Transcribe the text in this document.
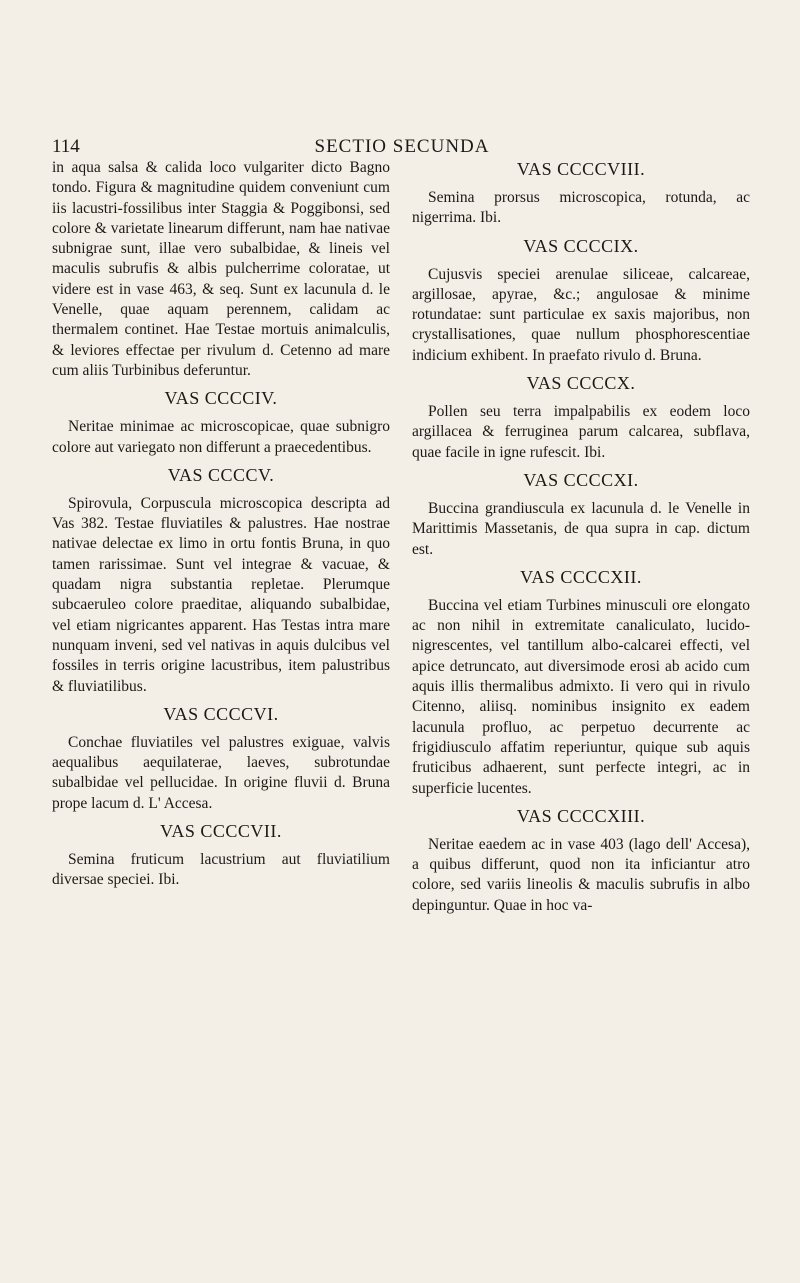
114	SECTIO SECUNDA

in aqua salsa & calida loco vulgariter dicto Bagno tondo. Figura & magnitudine quidem conveniunt cum iis lacustri-fossilibus inter Staggia & Poggibonsi, sed colore & varietate linearum differunt, nam hae nativae subnigrae sunt, illae vero subalbidae, & lineis vel maculis subrufis & albis pulcherrime coloratae, ut videre est in vase 463, & seq. Sunt ex lacunula d. le Venelle, quae aquam perennem, calidam ac thermalem continet. Hae Testae mortuis animalculis, & leviores effectae per rivulum d. Cetenno ad mare cum aliis Turbinibus deferuntur.

VAS CCCCIV.

Neritae minimae ac microscopicae, quae subnigro colore aut variegato non differunt a praecedentibus.

VAS CCCCV.

Spirovula, Corpuscula microscopica descripta ad Vas 382. Testae fluviatiles & palustres. Hae nostrae nativae delectae ex limo in ortu fontis Bruna, in quo tamen rarissimae. Sunt vel integrae & vacuae, & quadam nigra substantia repletae. Plerumque subcaeruleo colore praeditae, aliquando subalbidae, vel etiam nigricantes apparent. Has Testas intra mare nunquam inveni, sed vel nativas in aquis dulcibus vel fossiles in terris origine lacustribus, item palustribus & fluviatilibus.

VAS CCCCVI.

Conchae fluviatiles vel palustres exiguae, valvis aequalibus aequilaterae, laeves, subrotundae subalbidae vel pellucidae. In origine fluvii d. Bruna prope lacum d. L' Accesa.

VAS CCCCVII.

Semina fruticum lacustrium aut fluviatilium diversae speciei. Ibi.

VAS CCCCVIII.

Semina prorsus microscopica, rotunda, ac nigerrima. Ibi.

VAS CCCCIX.

Cujusvis speciei arenulae siliceae, calcareae, argillosae, apyrae, &c.; angulosae & minime rotundatae: sunt particulae ex saxis majoribus, non crystallisationes, quae nullum phosphorescentiae indicium exhibent. In praefato rivulo d. Bruna.

VAS CCCCX.

Pollen seu terra impalpabilis ex eodem loco argillacea & ferruginea parum calcarea, subflava, quae facile in igne rufescit. Ibi.

VAS CCCCXI.

Buccina grandiuscula ex lacunula d. le Venelle in Marittimis Massetanis, de qua supra in cap. dictum est.

VAS CCCCXII.

Buccina vel etiam Turbines minusculi ore elongato ac non nihil in extremitate canaliculato, lucido-nigrescentes, vel tantillum albo-calcarei effecti, vel apice detruncato, aut diversimode erosi ab acido cum aquis illis thermalibus admixto. Ii vero qui in rivulo Citenno, aliisq. nominibus insignito ex eadem lacunula profluo, ac perpetuo decurrente ac frigidiusculo affatim reperiuntur, quique sub aquis fruticibus adhaerent, sunt perfecte integri, ac in superficie lucentes.

VAS CCCCXIII.

Neritae eaedem ac in vase 403 (lago dell' Accesa), a quibus differunt, quod non ita inficiantur atro colore, sed variis lineolis & maculis subrufis in albo depinguntur. Quae in hoc va-
